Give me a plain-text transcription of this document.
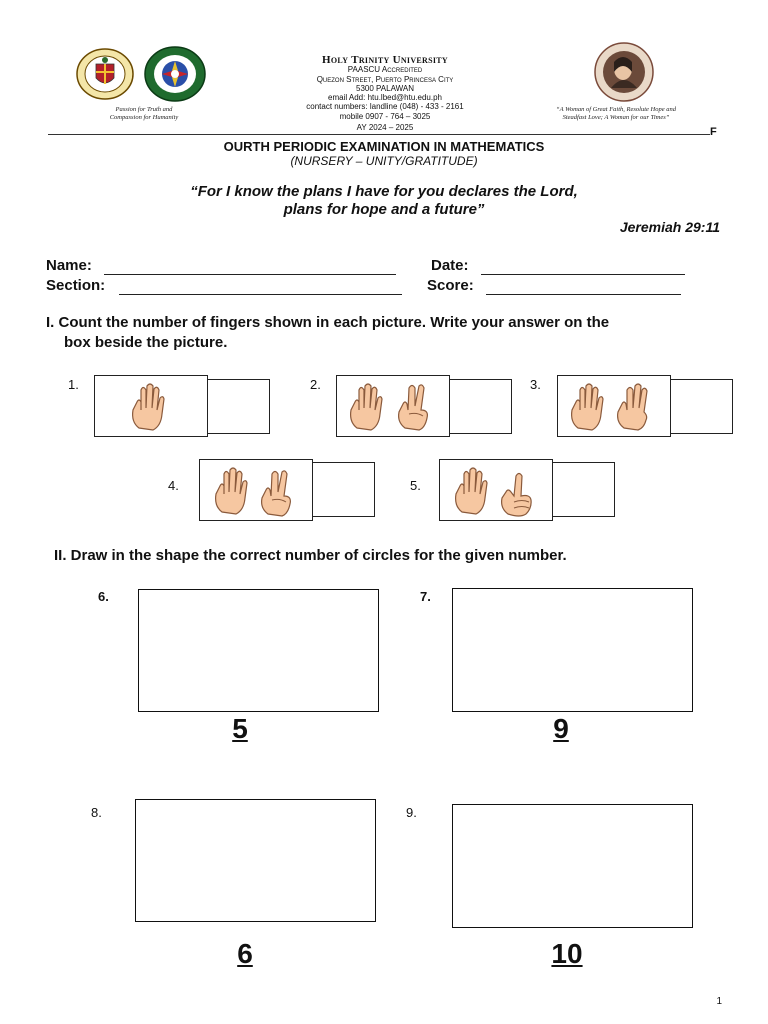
Passion for Truth and Compassion for Humanity
Holy Trinity University
PAASCU Accredited
Quezon Street, Puerto Princesa City
5300 PALAWAN
email Add: htu.lbed@htu.edu.ph
contact numbers: landline (048) - 433 - 2161
mobile 0907 - 764 – 3025
AY 2024 – 2025
“A Woman of Great Faith, Resolute Hope and Steadfast Love; A Woman for our Times”
F
OURTH PERIODIC EXAMINATION IN MATHEMATICS
(NURSERY – UNITY/GRATITUDE)
“For I know the plans I have for you declares the Lord,
plans for hope and a future”
Jeremiah 29:11
Name:	Date:
Section:	Score:
I. Count the number of fingers shown in each picture. Write your answer on the
box beside the picture.
1.	2.	3.
4.	5.
II. Draw in the shape the correct number of circles for the given number.
6.
5
7.
9
8.
6
9.
10
1
